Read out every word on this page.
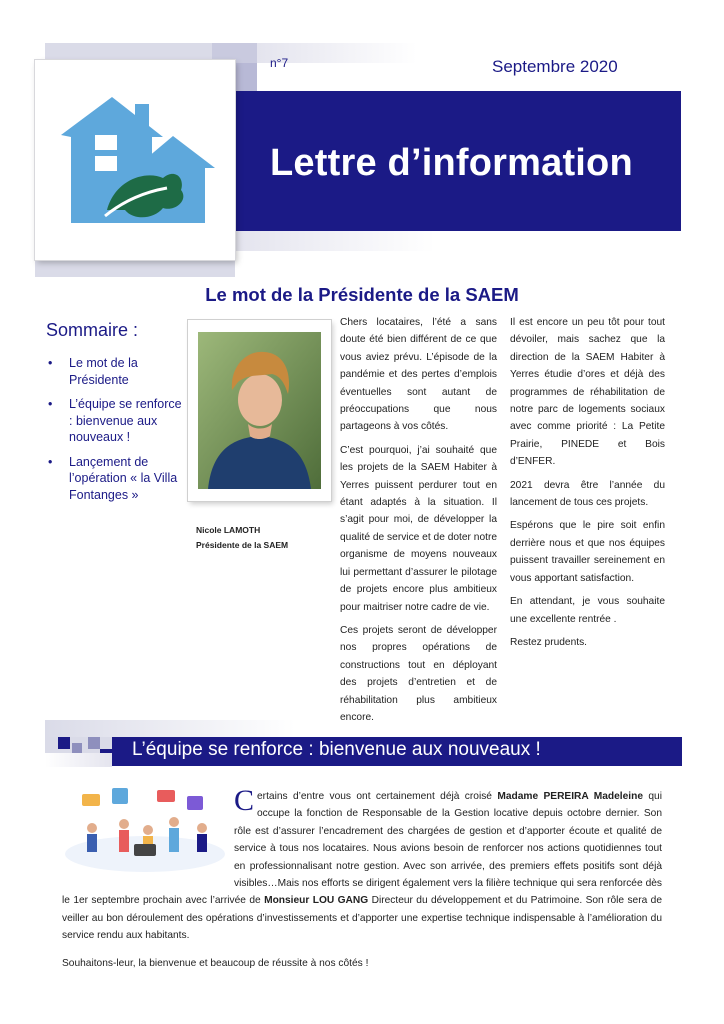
n°7	Septembre 2020
Lettre d’information
Le mot de la Présidente de la SAEM
Sommaire :
• Le mot de la Présidente
• L’équipe se renforce : bienvenue aux nouveaux !
• Lançement de l’opération « la Villa Fontanges »
Nicole LAMOTH
Présidente de la SAEM

Chers locataires, l’été a sans doute été bien différent de ce que vous aviez prévu. L’épisode de la pandémie et des pertes d’emplois éventuelles sont autant de préoccupations que nous partageons à vos côtés.

C’est pourquoi, j’ai souhaité que les projets de la SAEM Habiter à Yerres puissent perdurer tout en étant adaptés à la situation. Il s’agit pour moi, de développer la qualité de service et de doter notre organisme de moyens nouveaux lui permettant d’assurer le pilotage de projets encore plus ambitieux pour maitriser notre cadre de vie.

Ces projets seront de développer nos propres opérations de constructions tout en déployant des projets d’entretien et de réhabilitation plus ambitieux encore.

Il est encore un peu tôt pour tout dévoiler, mais sachez que la direction de la SAEM Habiter à Yerres étudie d’ores et déjà des programmes de réhabilitation de notre parc de logements sociaux avec comme priorité : La Petite Prairie, PINEDE et Bois d’ENFER.

2021 devra être l’année du lancement de tous ces projets.

Espérons que le pire soit enfin derrière nous et que nos équipes puissent travailler sereinement en vous apportant satisfaction.

En attendant, je vous souhaite une excellente rentrée .

Restez prudents.

L’équipe se renforce : bienvenue aux nouveaux !
C ertains d’entre vous ont certainement déjà croisé Madame PEREIRA Madeleine qui occupe la fonction de Responsable de la Gestion locative depuis octobre dernier. Son rôle est d’assurer l’encadrement des chargées de gestion et d’apporter écoute et qualité de service à tous nos locataires. Nous avions besoin de renforcer nos actions quotidiennes tout en professionnalisant notre gestion. Avec son arrivée, des premiers effets positifs sont déjà visibles…Mais nos efforts se dirigent également vers la filière technique qui sera renforcée dès le 1er septembre prochain avec l’arrivée de Monsieur LOU GANG Directeur du développement et du Patrimoine. Son rôle sera de veiller au bon déroulement des opérations d’investissements et d’apporter une expertise technique indispensable à l’amélioration du service rendu aux habitants.
Souhaitons-leur, la bienvenue et beaucoup de réussite à nos côtés !
